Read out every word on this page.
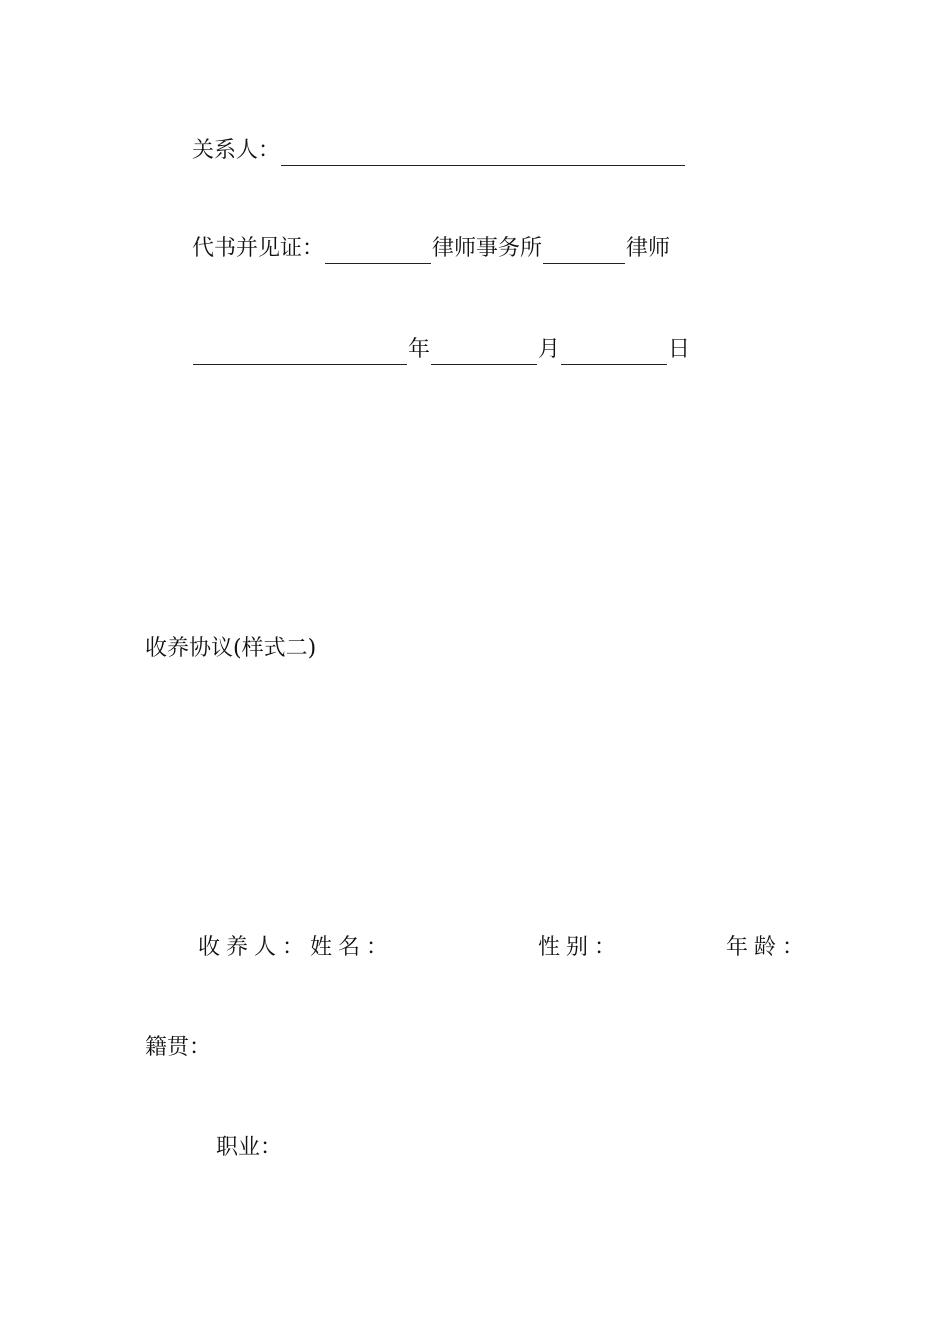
关系人：
代书并见证：	律师事务所	律师
年	月	日
收养协议(样式二)
收养人： 姓名：	性别：	年龄：
籍贯：
职业：
